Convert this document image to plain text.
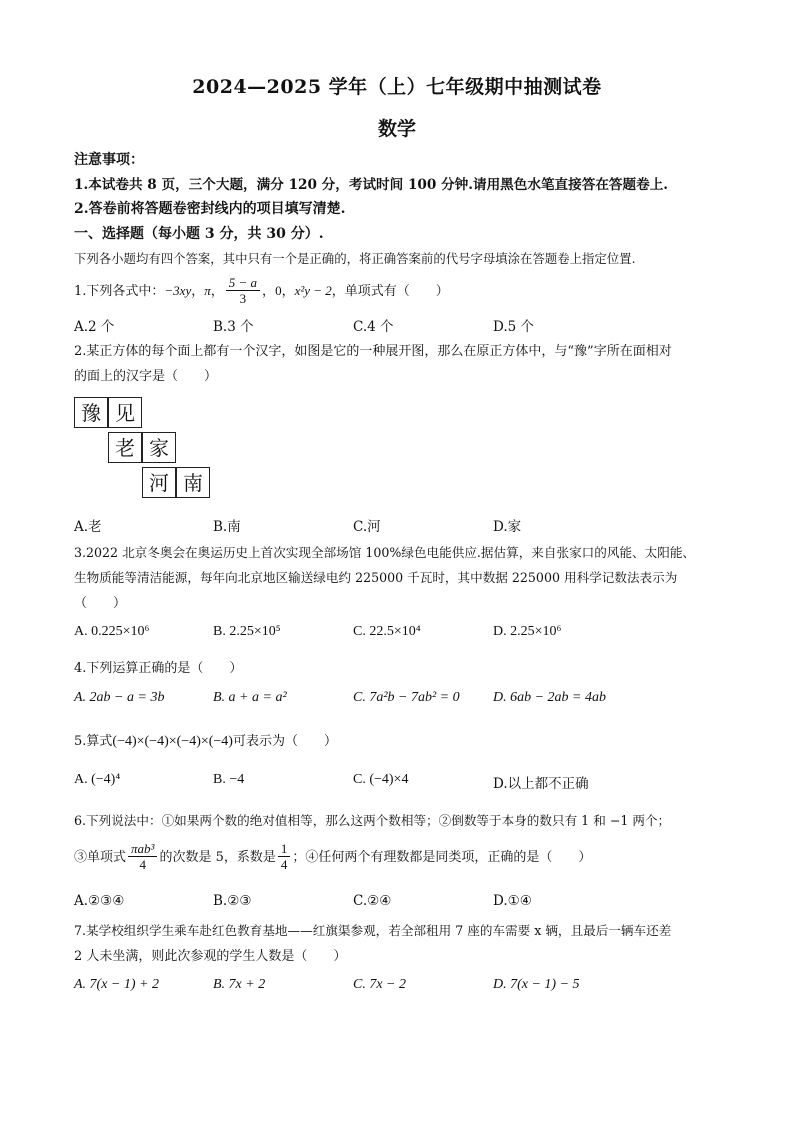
2024—2025 学年（上）七年级期中抽测试卷
数学
注意事项：
1.本试卷共 8 页，三个大题，满分 120 分，考试时间 100 分钟.请用黑色水笔直接答在答题卷上.
2.答卷前将答题卷密封线内的项目填写清楚.
一、选择题（每小题 3 分，共 30 分）.
下列各小题均有四个答案，其中只有一个是正确的，将正确答案前的代号字母填涂在答题卷上指定位置.
1.下列各式中：−3xy，π， $\frac{5 - a}{3}$ ，0，x²y − 2，单项式有（　　）
A.2 个	B.3 个	C.4 个	D.5 个
2.某正方体的每个面上都有一个汉字，如图是它的一种展开图，那么在原正方体中，与“豫”字所在面相对
的面上的汉字是（　　）
豫 见
老 家
河 南
A.老	B.南	C.河	D.家
3.2022 北京冬奥会在奥运历史上首次实现全部场馆 100%绿色电能供应.据估算，来自张家口的风能、太阳能、
生物质能等清洁能源，每年向北京地区输送绿电约 225000 千瓦时，其中数据 225000 用科学记数法表示为
（　　）
A. 0.225×10⁶	B. 2.25×10⁵	C. 22.5×10⁴	D. 2.25×10⁶
4.下列运算正确的是（　　）
A. 2ab − a = 3b	B. a + a = a²	C. 7a²b − 7ab² = 0 D. 6ab − 2ab = 4ab
5.算式(−4)×(−4)×(−4)×(−4)可表示为（　　）
A. (−4)⁴	B. −4	C. (−4)×4	D.以上都不正确
6.下列说法中：①如果两个数的绝对值相等，那么这两个数相等；②倒数等于本身的数只有 1 和 −1 两个；
③单项式 $\frac{\text{πab³}}{4}$ 的次数是 5，系数是 $\frac{1}{4}$ ；④任何两个有理数都是同类项，正确的是（　　）
A.②③④	B.②③	C.②④	D.①④
7.某学校组织学生乘车赴红色教育基地——红旗渠参观，若全部租用 7 座的车需要 x 辆，且最后一辆车还差
2 人未坐满，则此次参观的学生人数是（　　）
A. 7(x − 1) + 2	B. 7x + 2	C. 7x − 2	D. 7(x − 1) − 5
